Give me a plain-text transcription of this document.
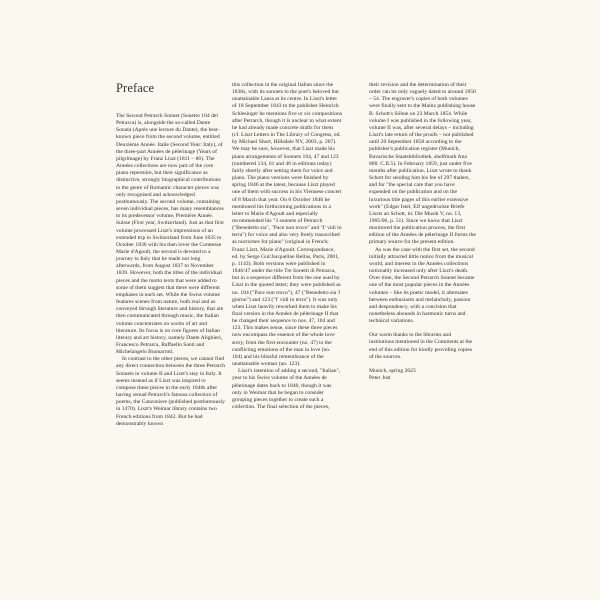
Preface

The Second Petrarch Sonnet (Sonetto 104 del Petrarca) is, alongside the so-called Dante Sonata (Après une lecture du Dante), the best-known piece from the second volume, entitled Deuxième Année. Italie (Second Year: Italy), of the three-part Années de pèlerinage (Years of pilgrimage) by Franz Liszt (1811 – 86). The Années collections are now part of the core piano repertoire, but their significance as distinctive, strongly biographical contributions to the genre of Romantic character pieces was only recognised and acknowledged posthumously. The second volume, containing seven individual pieces, has many resemblances to its predecessor volume, Première Année. Suisse (First year, Switzerland). Just as that first volume processed Liszt's impressions of an extended trip to Switzerland from June 1835 to October 1836 with his then lover the Comtesse Marie d'Agoult, the second is devoted to a journey to Italy that he made not long afterwards, from August 1837 to November 1839. However, both the titles of the individual pieces and the motto texts that were added to some of them suggest that there were different emphases in each set. While the Swiss volume features scenes from nature, both real and as conveyed through literature and history, that are then communicated through music, the Italian volume concentrates on works of art and literature. Its focus is on core figures of Italian literary and art history, namely Dante Alighieri, Francesco Petrarca, Raffaello Santi and Michelangelo Buonarroti.

In contrast to the other pieces, we cannot find any direct connection between the three Petrarch Sonnets in volume II and Liszt's stay in Italy. It seems instead as if Liszt was inspired to compose these pieces in the early 1840s after having reread Petrarch's famous collection of poems, the Canzoniere (published posthumously in 1470). Liszt's Weimar library contains two French editions from 1842. But he had demonstrably known

this collection in the original Italian since the 1830s, with its sonnets to the poet's beloved but unattainable Laura at its centre. In Liszt's letter of 18 September 1843 to the publisher Heinrich Schlesinger he mentions five or six compositions after Petrarch, though it is unclear to what extent he had already made concrete drafts for them (cf. Liszt Letters in The Library of Congress, ed. by Michael Short, Hillsdale NY, 2003, p. 267). We may be sure, however, that Liszt made his piano arrangements of Sonnets 104, 47 and 123 (numbered 134, 61 and 46 in editions today) fairly shortly after setting them for voice and piano. The piano versions were finished by spring 1846 at the latest, because Liszt played one of them with success in his Viennese concert of 8 March that year. On 6 October 1846 he mentioned his forthcoming publications in a letter to Marie d'Agoult and especially recommended his "3 sonnets of Petrarch ("Benedetto sia", "Pace non trovo" and "I' vidi in terra") for voice and also very freely transcribed as nocturnes for piano" (original in French; Franz Liszt, Marie d'Agoult. Correspondance, ed. by Serge Gut/Jacqueline Bellas, Paris, 2001, p. 1143). Both versions were published in 1846/47 under the title Tre Sonetti di Petrarca, but in a sequence different from the one used by Liszt in the quoted letter; they were published as no. 104 ("Pace non trovo"), 47 ("Benedetto sia 'l giorno") and 123 ("I' vidi in terra"). It was only when Liszt heavily reworked them to make his final version in the Années de pèlerinage II that he changed their sequence to nos. 47, 104 and 123. This makes sense, since these three pieces now encompass the essence of the whole love story, from the first encounter (no. 47) to the conflicting emotions of the man in love (no. 104) and his blissful remembrance of the unattainable woman (no. 123).

Liszt's intention of adding a second, "Italian", year to his Swiss volume of the Années de pèlerinage dates back to 1840, though it was only in Weimar that he began to consider grouping pieces together to create such a collection. The final selection of the pieces,

their revision and the determination of their order can be only vaguely dated to around 1850 – 54. The engraver's copies of both volumes were finally sent to the Mainz publishing house B. Schott's Söhne on 23 March 1854. While volume I was published in the following year, volume II was, after several delays – including Liszt's late return of the proofs – not published until 20 September 1858 according to the publisher's publication register (Munich, Bavarische Staatsbibliothek, shelfmark Ana 800. C.II.5). In February 1859, just under five months after publication, Liszt wrote to thank Schott for sending him his fee of 297 thalers, and for "the special care that you have expended on the publication and on the luxurious title pages of this earlier extensive work" (Edgar Istel, Elf ungedruckte Briefe Liszts an Schott, in: Die Musik V, no. 13, 1905/06, p. 51). Since we know that Liszt monitored the publication process, the first edition of the Années de pèlerinage II forms the primary source for the present edition.

As was the case with the first set, the second initially attracted little notice from the musical world, and interest in the Années collections noticeably increased only after Liszt's death. Over time, the Second Petrarch Sonnet became one of the most popular pieces in the Années volumes – like its poetic model, it alternates between enthusiasm and melancholy, passion and despondency, with a concision that nonetheless abounds in harmonic turns and technical variations.

Our warm thanks to the libraries and institutions mentioned in the Comments at the end of this edition for kindly providing copies of the sources.

Munich, spring 2025

Peter Jost
